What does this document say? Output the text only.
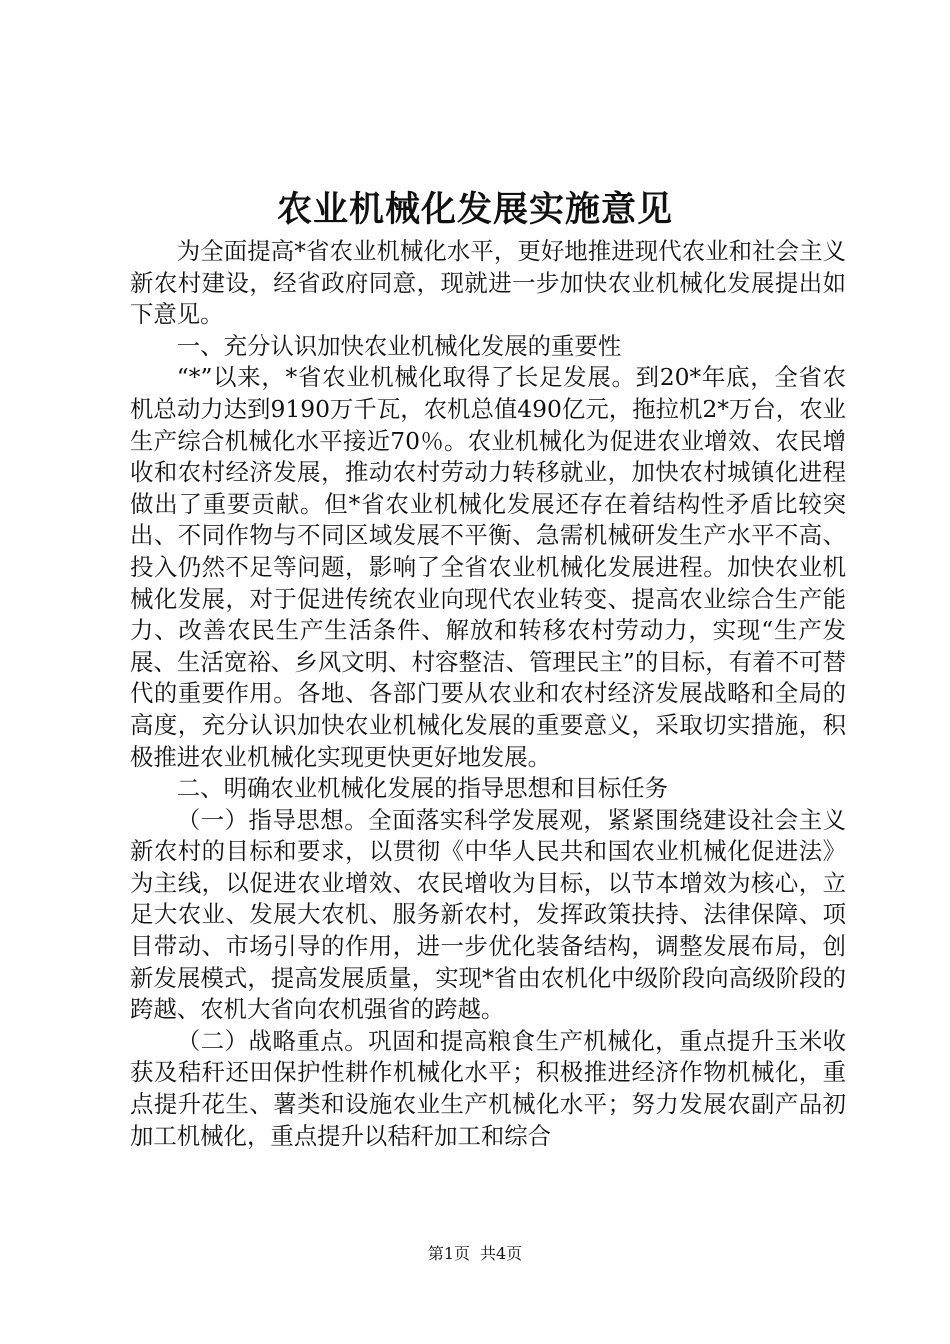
农业机械化发展实施意见

为全面提高*省农业机械化水平，更好地推进现代农业和社会主义新农村建设，经省政府同意，现就进一步加快农业机械化发展提出如下意见。

一、充分认识加快农业机械化发展的重要性

“*”以来，*省农业机械化取得了长足发展。到20*年底，全省农机总动力达到9190万千瓦，农机总值490亿元，拖拉机2*万台，农业生产综合机械化水平接近70％。农业机械化为促进农业增效、农民增收和农村经济发展，推动农村劳动力转移就业，加快农村城镇化进程做出了重要贡献。但*省农业机械化发展还存在着结构性矛盾比较突出、不同作物与不同区域发展不平衡、急需机械研发生产水平不高、投入仍然不足等问题，影响了全省农业机械化发展进程。加快农业机械化发展，对于促进传统农业向现代农业转变、提高农业综合生产能力、改善农民生产生活条件、解放和转移农村劳动力，实现“生产发展、生活宽裕、乡风文明、村容整洁、管理民主”的目标，有着不可替代的重要作用。各地、各部门要从农业和农村经济发展战略和全局的高度，充分认识加快农业机械化发展的重要意义，采取切实措施，积极推进农业机械化实现更快更好地发展。

二、明确农业机械化发展的指导思想和目标任务

（一）指导思想。全面落实科学发展观，紧紧围绕建设社会主义新农村的目标和要求，以贯彻《中华人民共和国农业机械化促进法》为主线，以促进农业增效、农民增收为目标，以节本增效为核心，立足大农业、发展大农机、服务新农村，发挥政策扶持、法律保障、项目带动、市场引导的作用，进一步优化装备结构，调整发展布局，创新发展模式，提高发展质量，实现*省由农机化中级阶段向高级阶段的跨越、农机大省向农机强省的跨越。

（二）战略重点。巩固和提高粮食生产机械化，重点提升玉米收获及秸秆还田保护性耕作机械化水平；积极推进经济作物机械化，重点提升花生、薯类和设施农业生产机械化水平；努力发展农副产品初加工机械化，重点提升以秸秆加工和综合

第1页 共4页
